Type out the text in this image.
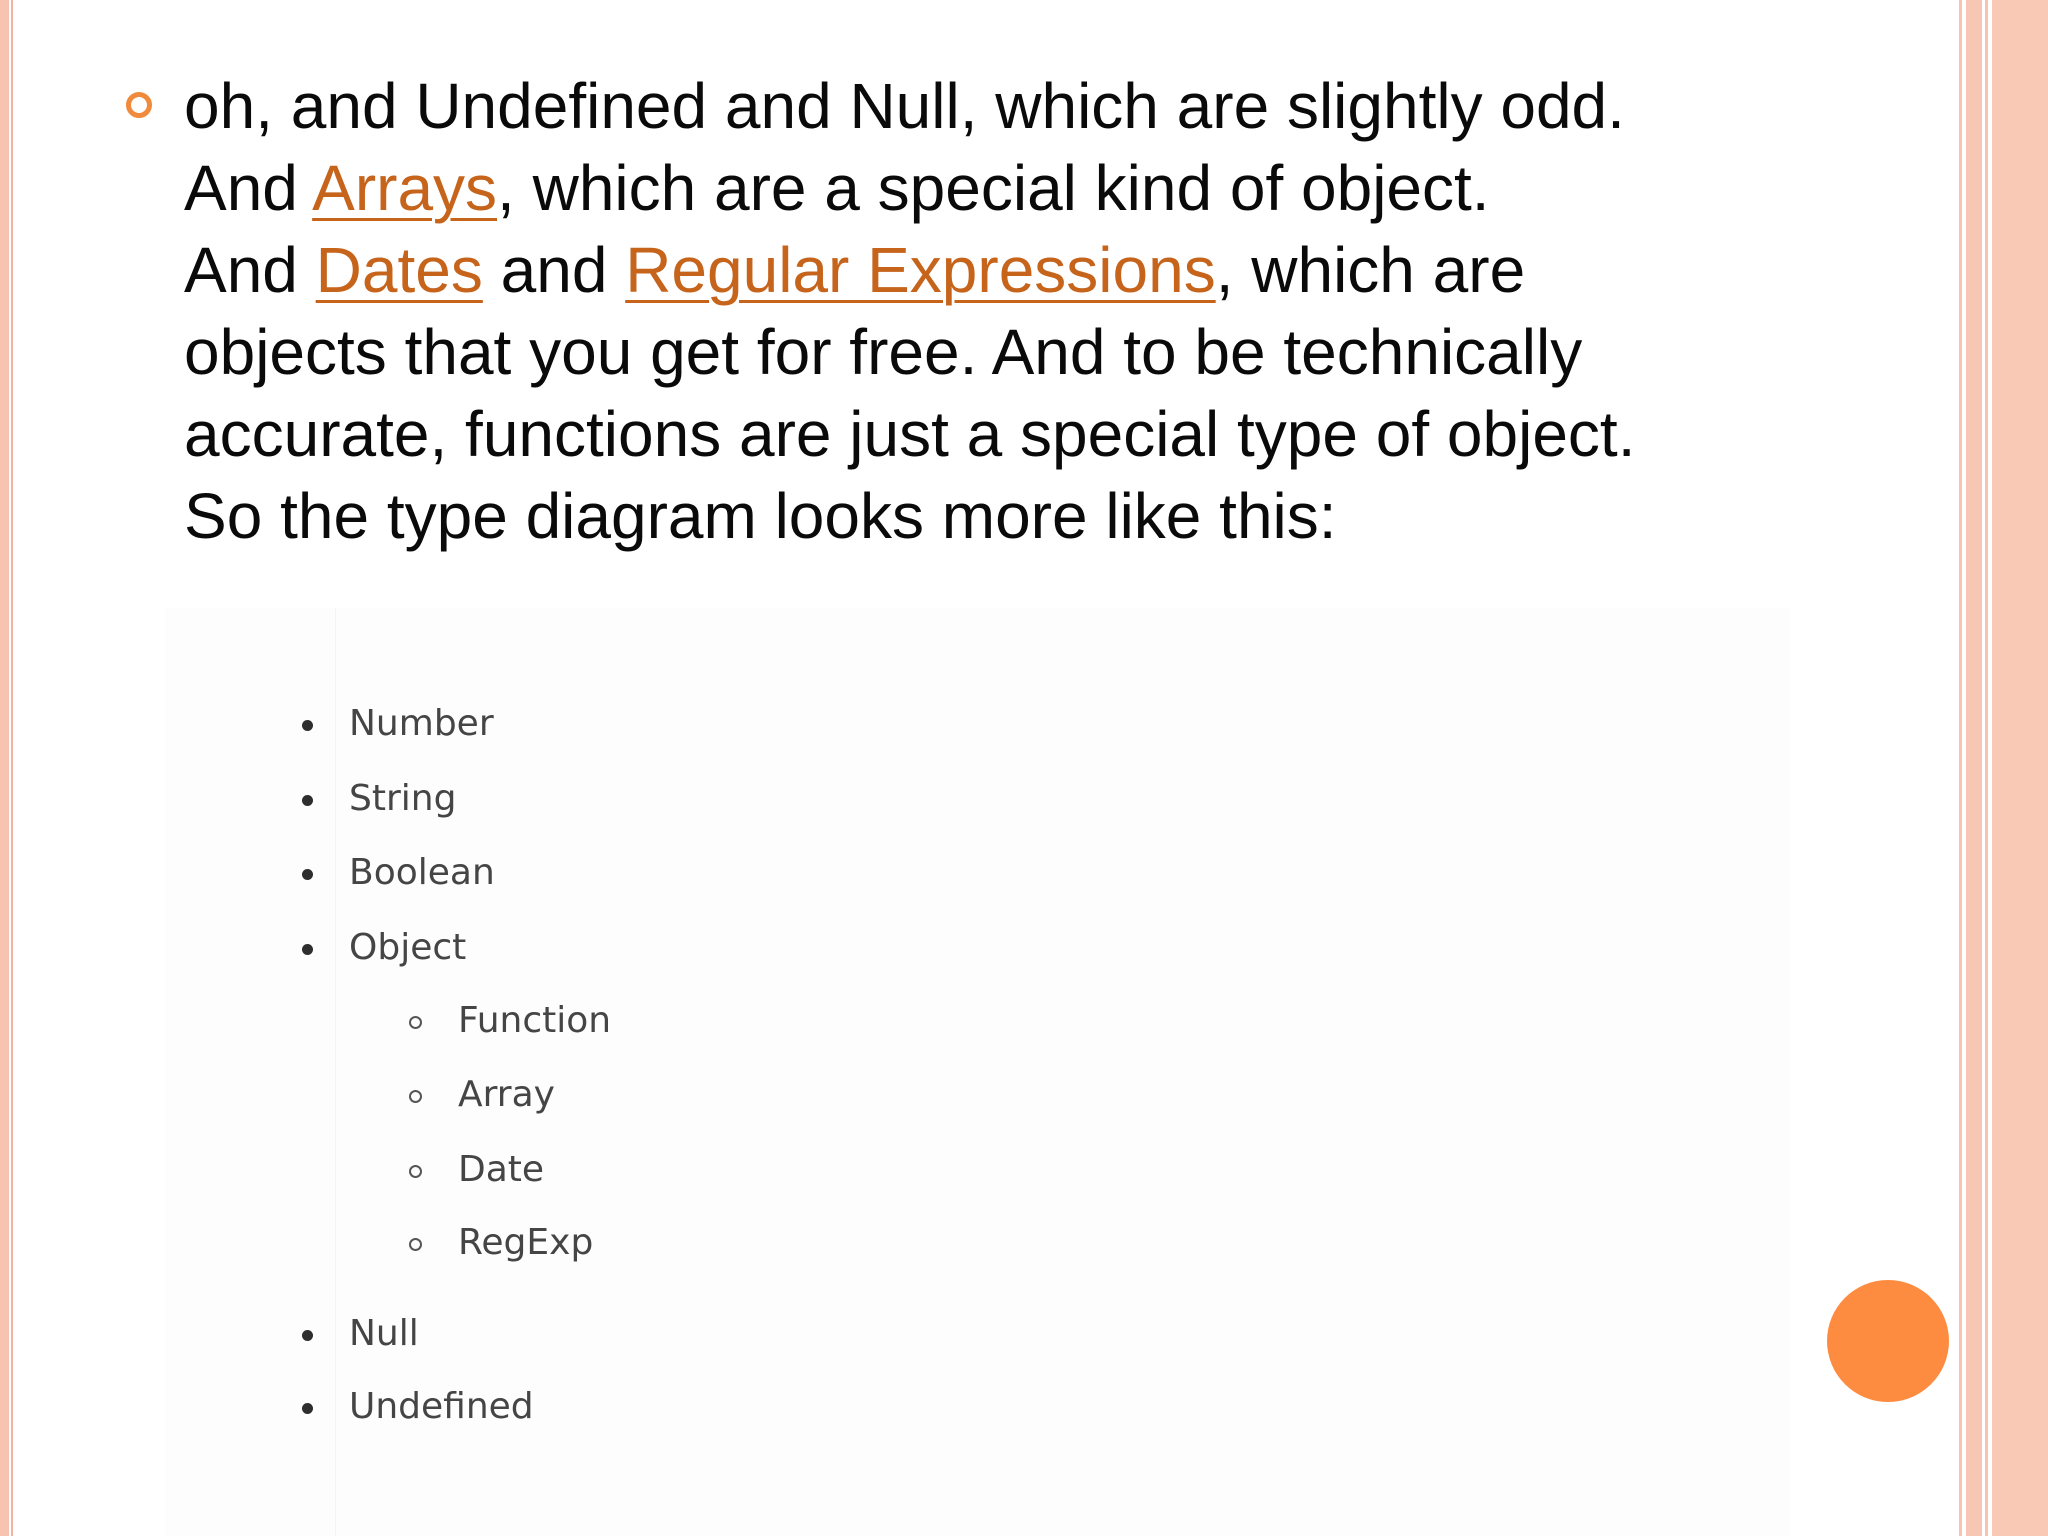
oh, and Undefined and Null, which are slightly odd.
And Arrays, which are a special kind of object.
And Dates and Regular Expressions, which are
objects that you get for free. And to be technically
accurate, functions are just a special type of object.
So the type diagram looks more like this:
Number
String
Boolean
Object
Function
Array
Date
RegExp
Null
Undefined
